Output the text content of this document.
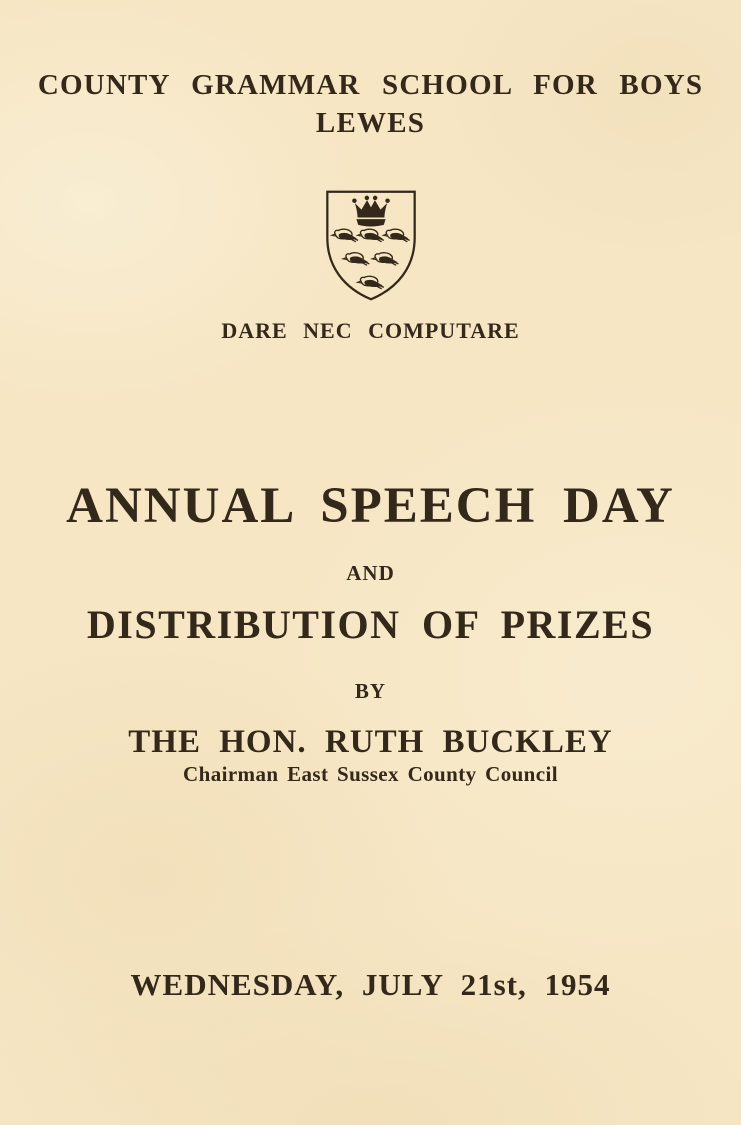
COUNTY GRAMMAR SCHOOL FOR BOYS
LEWES
DARE NEC COMPUTARE
ANNUAL SPEECH DAY
AND
DISTRIBUTION OF PRIZES
BY
THE HON. RUTH BUCKLEY
Chairman East Sussex County Council
WEDNESDAY, JULY 21st, 1954
